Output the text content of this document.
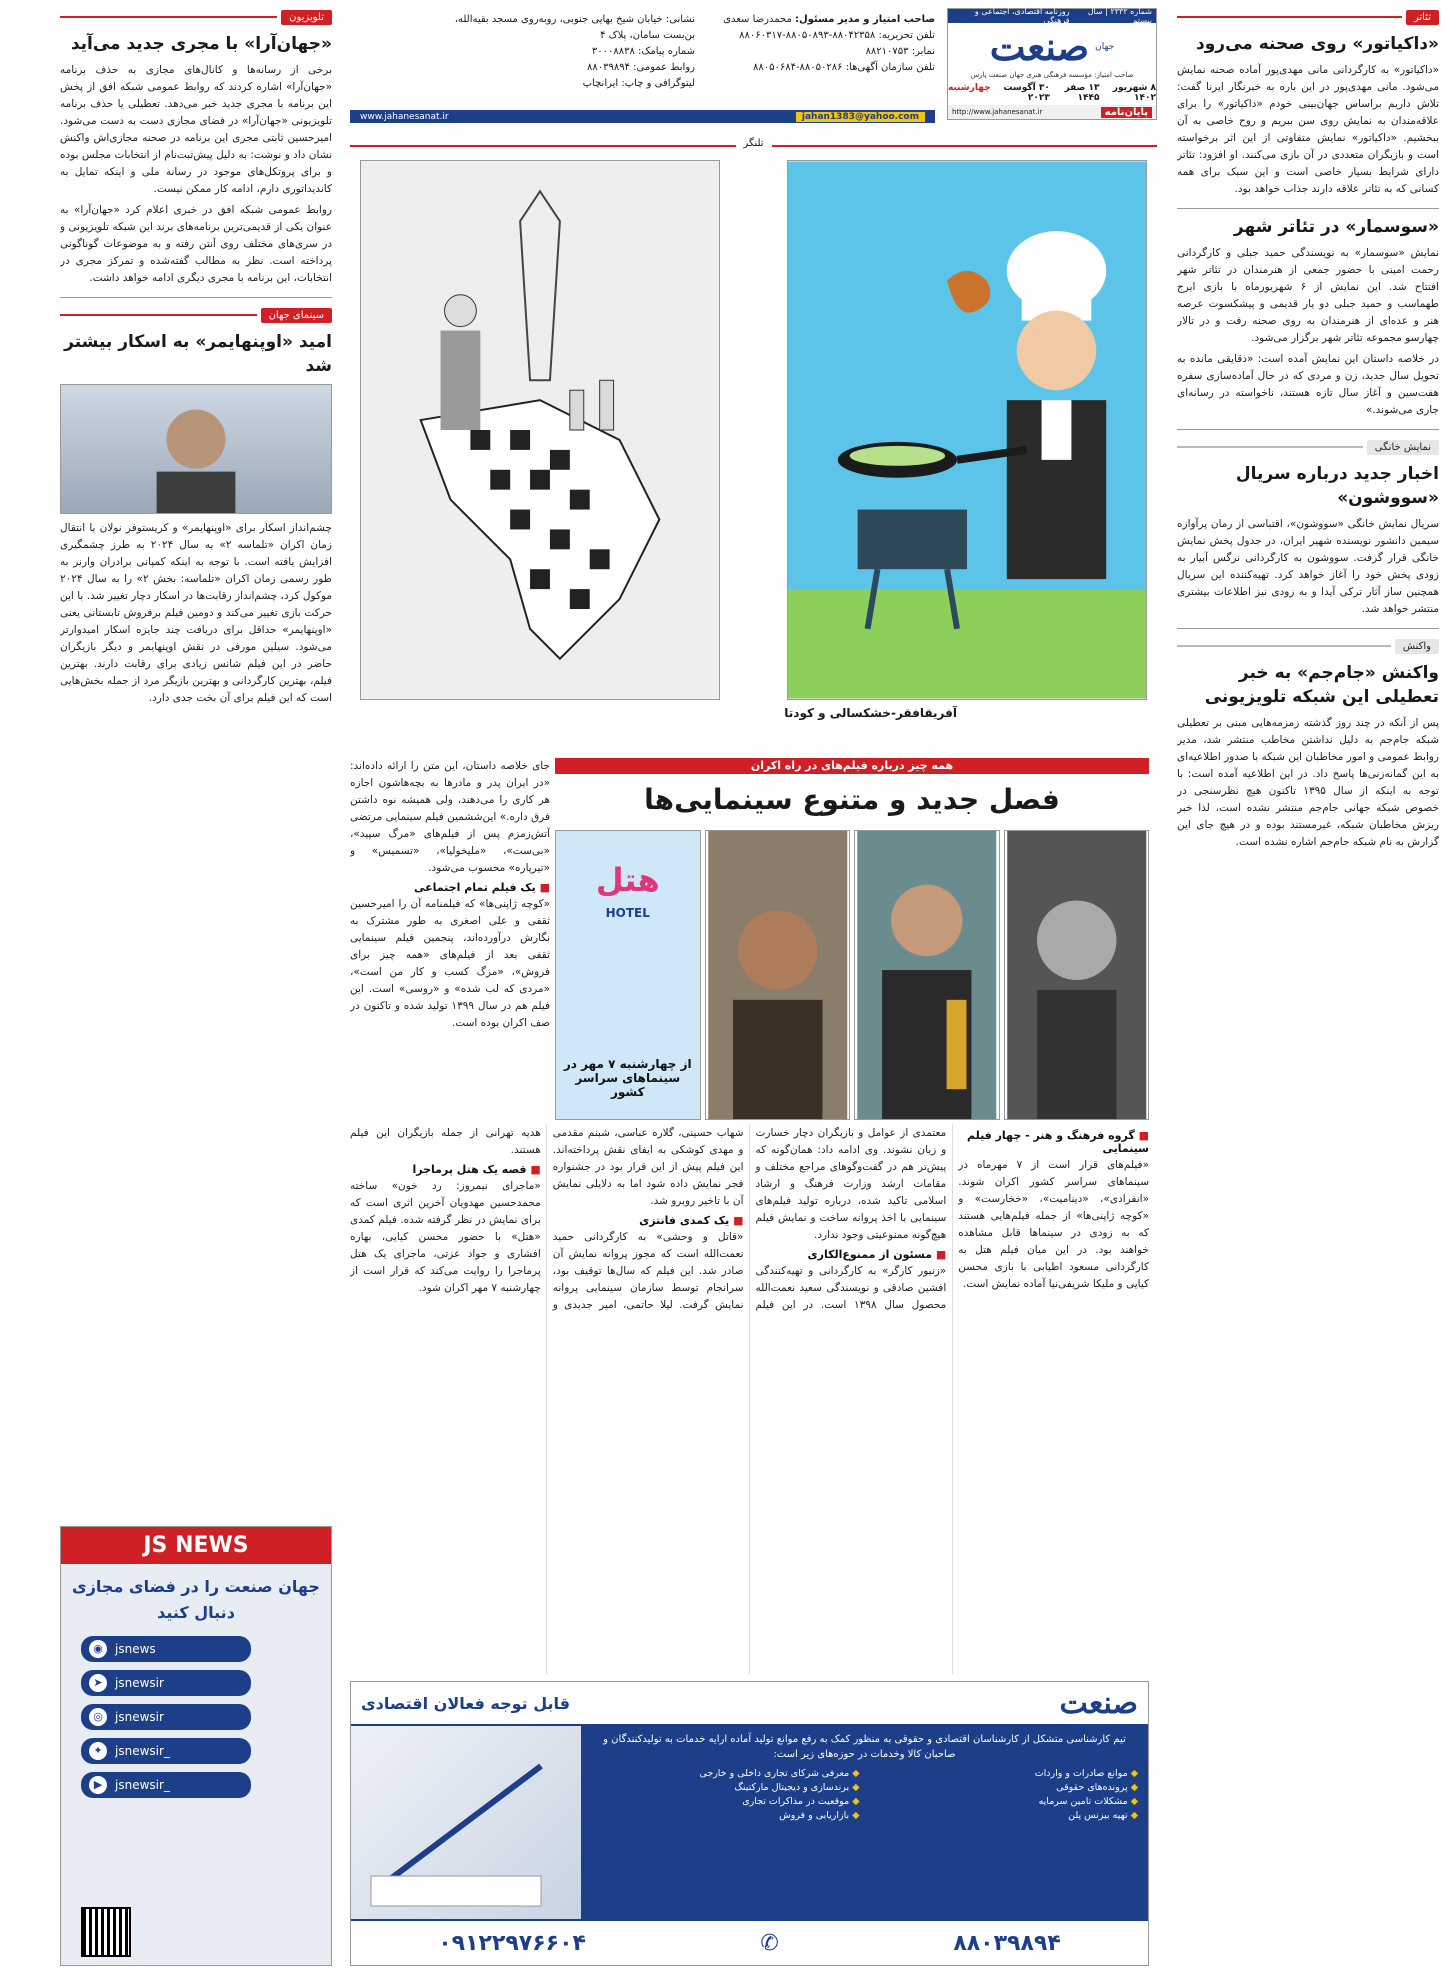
تئاتر
«داکیاتور» روی صحنه می‌رود

«داکیاتور» به کارگردانی مانی مهدی‌پور آماده صحنه نمایش می‌شود. مانی مهدی‌پور در این باره به خبرنگار ایرنا گفت: تلاش داریم براساس جهان‌بینی خودم «داکیاتور» را برای علاقه‌مندان به نمایش روی سن ببریم و روح خاصی به آن ببخشیم. «داکیاتور» نمایش متفاوتی از این اثر برخواسته است و بازیگران متعددی در آن بازی می‌کنند. او افزود: تئاتر دارای شرایط بسیار خاصی است و این سبک برای همه کسانی که به تئاتر علاقه دارند جذاب خواهد بود.

«سوسمار» در تئاتر شهر

نمایش «سوسمار» به نویسندگی حمید جبلی و کارگردانی رحمت امینی با حضور جمعی از هنرمندان در تئاتر شهر افتتاح شد. این نمایش از ۶ شهریورماه با بازی ایرج طهماسب و حمید جبلی دو یار قدیمی و پیشکسوت عرصه هنر و عده‌ای از هنرمندان به روی صحنه رفت و در تالار چهارسو مجموعه تئاتر شهر برگزار می‌شود.

در خلاصه داستان این نمایش آمده است: «دقایقی مانده به تحویل سال جدید، زن و مردی که در حال آماده‌سازی سفره هفت‌سین و آغاز سال تازه هستند، ناخواسته در رسانه‌ای جاری می‌شوند.»

نمایش خانگی
اخبار جدید درباره سریال «سووشون»

سریال نمایش خانگی «سووشون»، اقتباسی از رمان پرآوازه سیمین دانشور نویسنده شهیر ایران، در جدول پخش نمایش خانگی قرار گرفت. سووشون به کارگردانی نرگس آبیار به زودی پخش خود را آغاز خواهد کرد. تهیه‌کننده این سریال همچنین ساز آثار ترکی آیدا و به زودی نیز اطلاعات بیشتری منتشر خواهد شد.

واکنش
واکنش «جام‌جم» به خبر تعطیلی این شبکه تلویزیونی

پس از آنکه در چند روز گذشته زمزمه‌هایی مبنی بر تعطیلی شبکه جام‌جم به دلیل نداشتن مخاطب منتشر شد، مدیر روابط عمومی و امور مخاطبان این شبکه با صدور اطلاعیه‌ای به این گمانه‌زنی‌ها پاسخ داد. در این اطلاعیه آمده است: با توجه به اینکه از سال ۱۳۹۵ تاکنون هیچ نظرسنجی در خصوص شبکه جهانی جام‌جم منتشر نشده است، لذا خبر ریزش مخاطبان شبکه، غیرمستند بوده و در هیچ جای این گزارش به نام شبکه جام‌جم اشاره نشده است.

شماره ۲۳۳۲ | سال بیستم
روزنامه اقتصادی، اجتماعی و فرهنگی
جهان
صنعت
صاحب امتیاز: مؤسسه فرهنگی هنری جهان صنعت پارس
۸ شهریور ۱۴۰۲
۱۳ صفر ۱۴۴۵
۳۰ آگوست ۲۰۲۳
چهارشنبه
پایان‌نامه
http://www.jahanesanat.ir
صاحب امتیاز و مدیر مسئول: محمدرضا سعدی
تلفن تحریریه: ۸۸۰۴۲۳۵۸-۸۸۰۵۰۸۹۳-۸۸۰۶۰۳۱۷
نمابر: ۸۸۲۱۰۷۵۳
تلفن سازمان آگهی‌ها: ۸۸۰۵۰۲۸۶-۸۸۰۵۰۶۸۴
نشانی: خیابان شیخ بهایی جنوبی، روبه‌روی مسجد بقیه‌الله، بن‌بست سامان، پلاک ۴
شماره پیامک: ۳۰۰۰۸۸۳۸
روابط عمومی: ۸۸۰۳۹۸۹۴
لیتوگرافی و چاپ: ایرانچاپ
www.jahanesanat.ir	jahan1383@yahoo.com
تلنگر
آفریقافقر-خشکسالی و کودتا

جای خلاصه داستان، این متن را ارائه داده‌اند: «در ایران پدر و مادرها به بچه‌هاشون اجازه هر کاری را می‌دهند، ولی همیشه نوه داشتن فرق داره.» این‌ششمین فیلم سینمایی مرتضی آتش‌زمزم پس از فیلم‌های «مرگ سپید»، «بی‌ست»، «ملیخولیا»، «تسمیس» و «تیرپاره» محسوب می‌شود.

■ یک فیلم تمام اجتماعی

«کوچه ژاپنی‌ها» که فیلمنامه آن را امیرحسین ثقفی و علی اصغری به طور مشترک به نگارش درآورده‌اند، پنجمین فیلم سینمایی ثقفی بعد از فیلم‌های «همه چیز برای فروش»، «مرگ کسب و کار من است»، «مردی که لب شده» و «روسی» است. این فیلم هم در سال ۱۳۹۹ تولید شده و تاکنون در صف اکران بوده است.

همه چیز درباره فیلم‌های در راه اکران
فصل جدید و متنوع سینمایی‌ها
هتل
HOTEL
از چهارشنبه ۷ مهر در سینماهای سراسر کشور
■ گروه فرهنگ و هنر - چهار فیلم سینمایی

«فیلم‌های قرار است از ۷ مهرماه در سینماهای سراسر کشور اکران شوند. «انفرادی»، «دینامیت»، «خخارست» و «کوچه ژاپنی‌ها» از جمله فیلم‌هایی هستند که به زودی در سینماها قابل مشاهده خواهند بود. در این میان فیلم هتل به کارگردانی مسعود اطیابی با بازی محسن کیایی و ملیکا شریفی‌نیا آماده نمایش است.

معتمدی از عوامل و بازیگران دچار خسارت و زیان نشوند. وی ادامه داد: همان‌گونه که پیش‌تر هم در گفت‌وگوهای مراجع مختلف و مقامات ارشد وزارت فرهنگ و ارشاد اسلامی تاکید شده، درباره تولید فیلم‌های سینمایی با اخذ پروانه ساخت و نمایش فیلم هیچ‌گونه ممنوعیتی وجود ندارد.

■ مسئون از ممنوع‌الکاری

«زنبور کارگر» به کارگردانی و تهیه‌کنندگی افشین صادقی و نویسندگی سعید نعمت‌الله محصول سال ۱۳۹۸ است. در این فیلم شهاب حسینی، گلاره عباسی، شبنم مقدمی و مهدی کوشکی به ایفای نقش پرداخته‌اند. این فیلم پیش از این قرار بود در جشنواره فجر نمایش داده شود اما به دلایلی نمایش آن با تاخیر روبرو شد.

■ یک کمدی فانتزی

«قاتل و وحشی» به کارگردانی حمید نعمت‌الله است که مجوز پروانه نمایش آن صادر شد. این فیلم که سال‌ها توقیف بود، سرانجام توسط سازمان سینمایی پروانه نمایش گرفت. لیلا حاتمی، امیر جدیدی و هدیه تهرانی از جمله بازیگران این فیلم هستند.

■ قصه یک هتل پرماجرا

«ماجرای نیمروز: رد خون» ساخته محمدحسین مهدویان آخرین اثری است که برای نمایش در نظر گرفته شده. فیلم کمدی «هتل» با حضور محسن کیایی، بهاره افشاری و جواد عزتی، ماجرای یک هتل پرماجرا را روایت می‌کند که قرار است از چهارشنبه ۷ مهر اکران شود.

صنعت
قابل توجه فعالان اقتصادی
تیم کارشناسی متشکل از کارشناسان اقتصادی و حقوقی به منظور کمک به رفع موانع تولید آماده ارایه خدمات به تولیدکنندگان و صاحبان کالا وخدمات در حوزه‌های زیر است:
◆ موانع صادرات و واردات
◆ معرفی شرکای تجاری داخلی و خارجی
◆ پرونده‌های حقوقی
◆ برندسازی و دیجیتال مارکتینگ
◆ مشکلات تامین سرمایه
◆ موقعیت در مذاکرات تجاری
◆ تهیه بیزنس پلن
◆ بازاریابی و فروش
۰۹۱۲۲۹۷۶۶۰۴	✆	۸۸۰۳۹۸۹۴
تلویزیون
«جهان‌آرا» با مجری جدید می‌آید

برخی از رسانه‌ها و کانال‌های مجازی به حذف برنامه «جهان‌آرا» اشاره کردند که روابط عمومی شبکه افق از پخش این برنامه با مجری جدید خبر می‌دهد. تعطیلی یا حذف برنامه تلویزیونی «جهان‌آرا» در فضای مجازی دست به دست می‌شود. امیرحسین ثابتی مجری این برنامه در صحنه مجازی‌اش واکنش نشان داد و نوشت: به دلیل پیش‌ثبت‌نام از انتخابات مجلس بوده و برای پروتکل‌های موجود در رسانه ملی و اینکه تمایل به کاندیداتوری دارم، ادامه کار ممکن نیست.

روابط عمومی شبکه افق در خبری اعلام کرد «جهان‌آرا» به عنوان یکی از قدیمی‌ترین برنامه‌های برند این شبکه تلویزیونی و در سری‌های مختلف روی آنتن رفته و به موضوعات گوناگونی پرداخته است. نظر به مطالب گفته‌شده و تمرکز مجری در انتخابات، این برنامه با مجری دیگری ادامه خواهد داشت.

سینمای جهان
امید «اوپنهایمر» به اسکار بیشتر شد

چشم‌انداز اسکار برای «اوپنهایمر» و کریستوفر نولان با انتقال زمان اکران «تلماسه ۲» به سال ۲۰۲۴ به طرز چشمگیری افزایش یافته است. با توجه به اینکه کمپانی برادران وارنر به طور رسمی زمان اکران «تلماسه: بخش ۲» را به سال ۲۰۲۴ موکول کرد، چشم‌انداز رقابت‌ها در اسکار دچار تغییر شد. با این حرکت بازی تغییر می‌کند و دومین فیلم برفروش تابستانی یعنی «اوپنهایمر» حداقل برای دریافت چند جایزه اسکار امیدوارتر می‌شود. سیلین مورفی در نقش اوپنهایمر و دیگر بازیگران حاضر در این فیلم شانس زیادی برای رقابت دارند. بهترین فیلم، بهترین کارگردانی و بهترین بازیگر مرد از جمله بخش‌هایی است که این فیلم برای آن بخت جدی دارد.

JS NEWS
جهان صنعت را در فضای مجازی دنبال کنید
◉	jsnews
➤	jsnewsir
◎	jsnewsir
✦	jsnewsir_
▶	jsnewsir_
